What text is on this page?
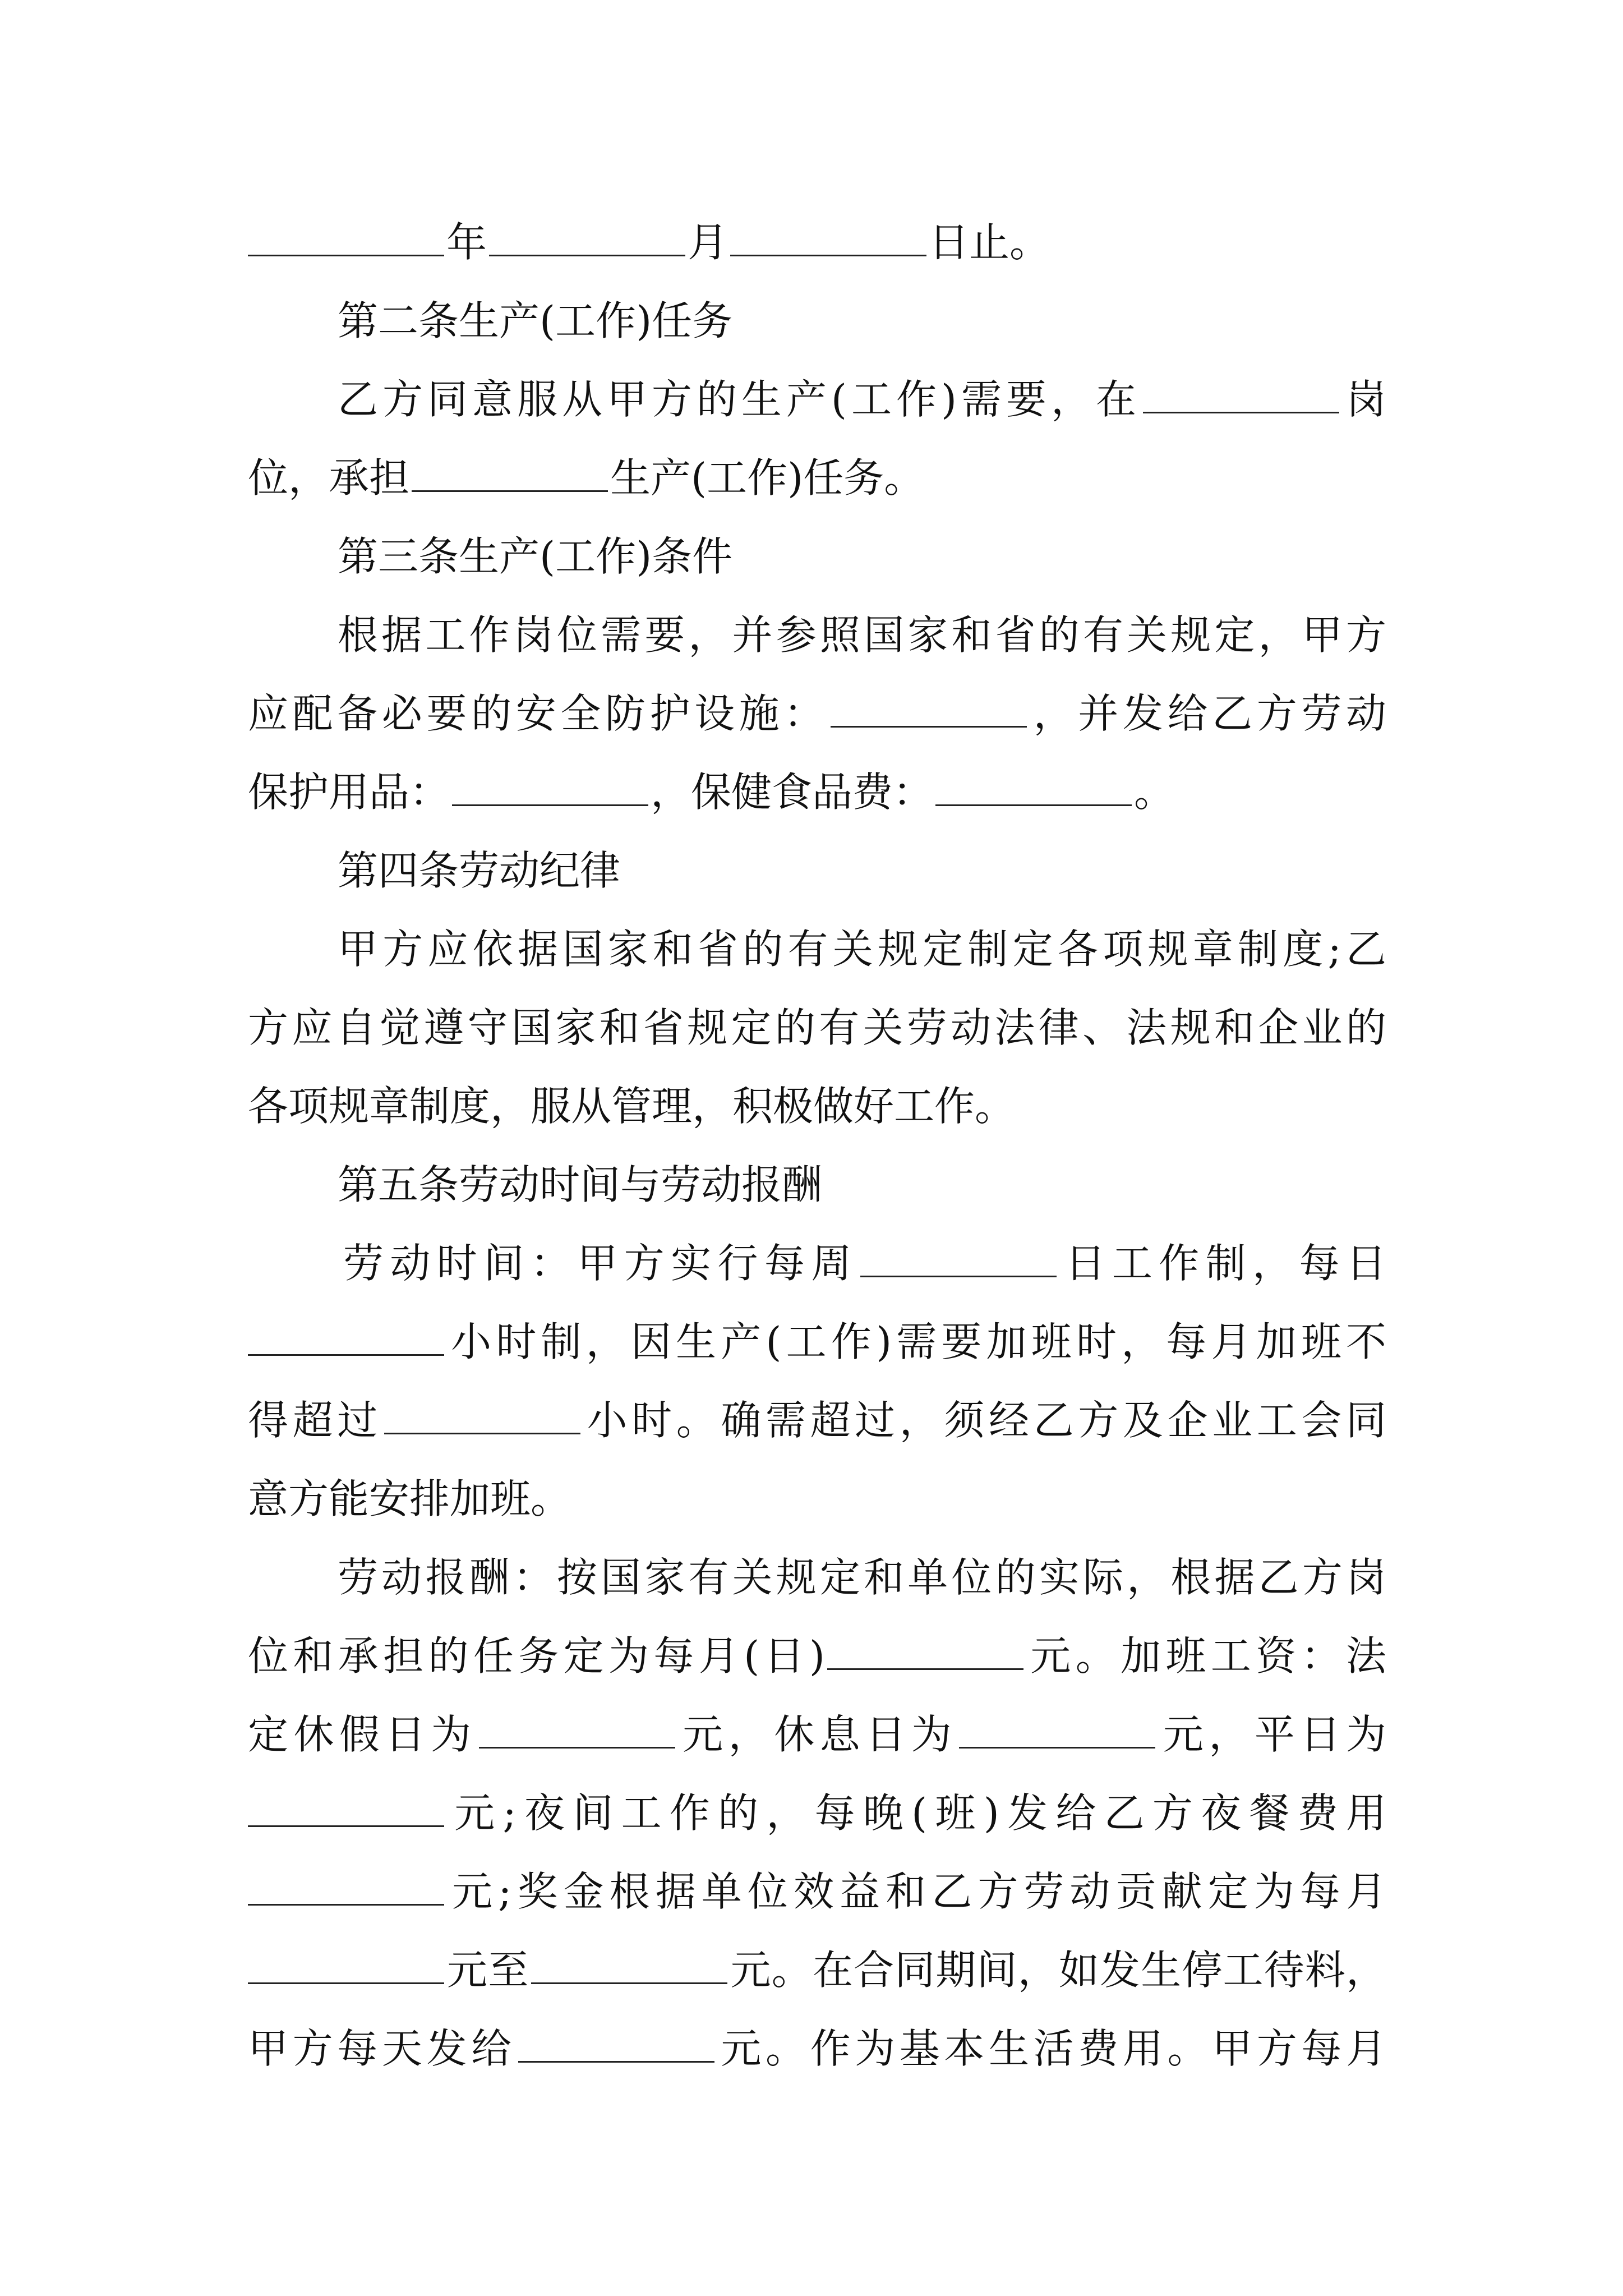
年	月	日止。
第二条生产(工作)任务
乙方同意服从甲方的生产(工作)需要，在	岗
位，承担	生产(工作)任务。
第三条生产(工作)条件
根据工作岗位需要，并参照国家和省的有关规定，甲方
应配备必要的安全防护设施：	，并发给乙方劳动
保护用品：	，保健食品费：	。
第四条劳动纪律
甲方应依据国家和省的有关规定制定各项规章制度;乙
方应自觉遵守国家和省规定的有关劳动法律、法规和企业的
各项规章制度，服从管理，积极做好工作。
第五条劳动时间与劳动报酬
劳动时间：甲方实行每周	日工作制，每日
小时制，因生产(工作)需要加班时，每月加班不
得超过	小时。确需超过，须经乙方及企业工会同
意方能安排加班。
劳动报酬：按国家有关规定和单位的实际，根据乙方岗
位和承担的任务定为每月(日)	元。加班工资：法
定休假日为	元，休息日为	元，平日为
元;夜间工作的，每晚(班)发给乙方夜餐费用
元;奖金根据单位效益和乙方劳动贡献定为每月
元至	元。在合同期间，如发生停工待料，
甲方每天发给	元。作为基本生活费用。甲方每月
